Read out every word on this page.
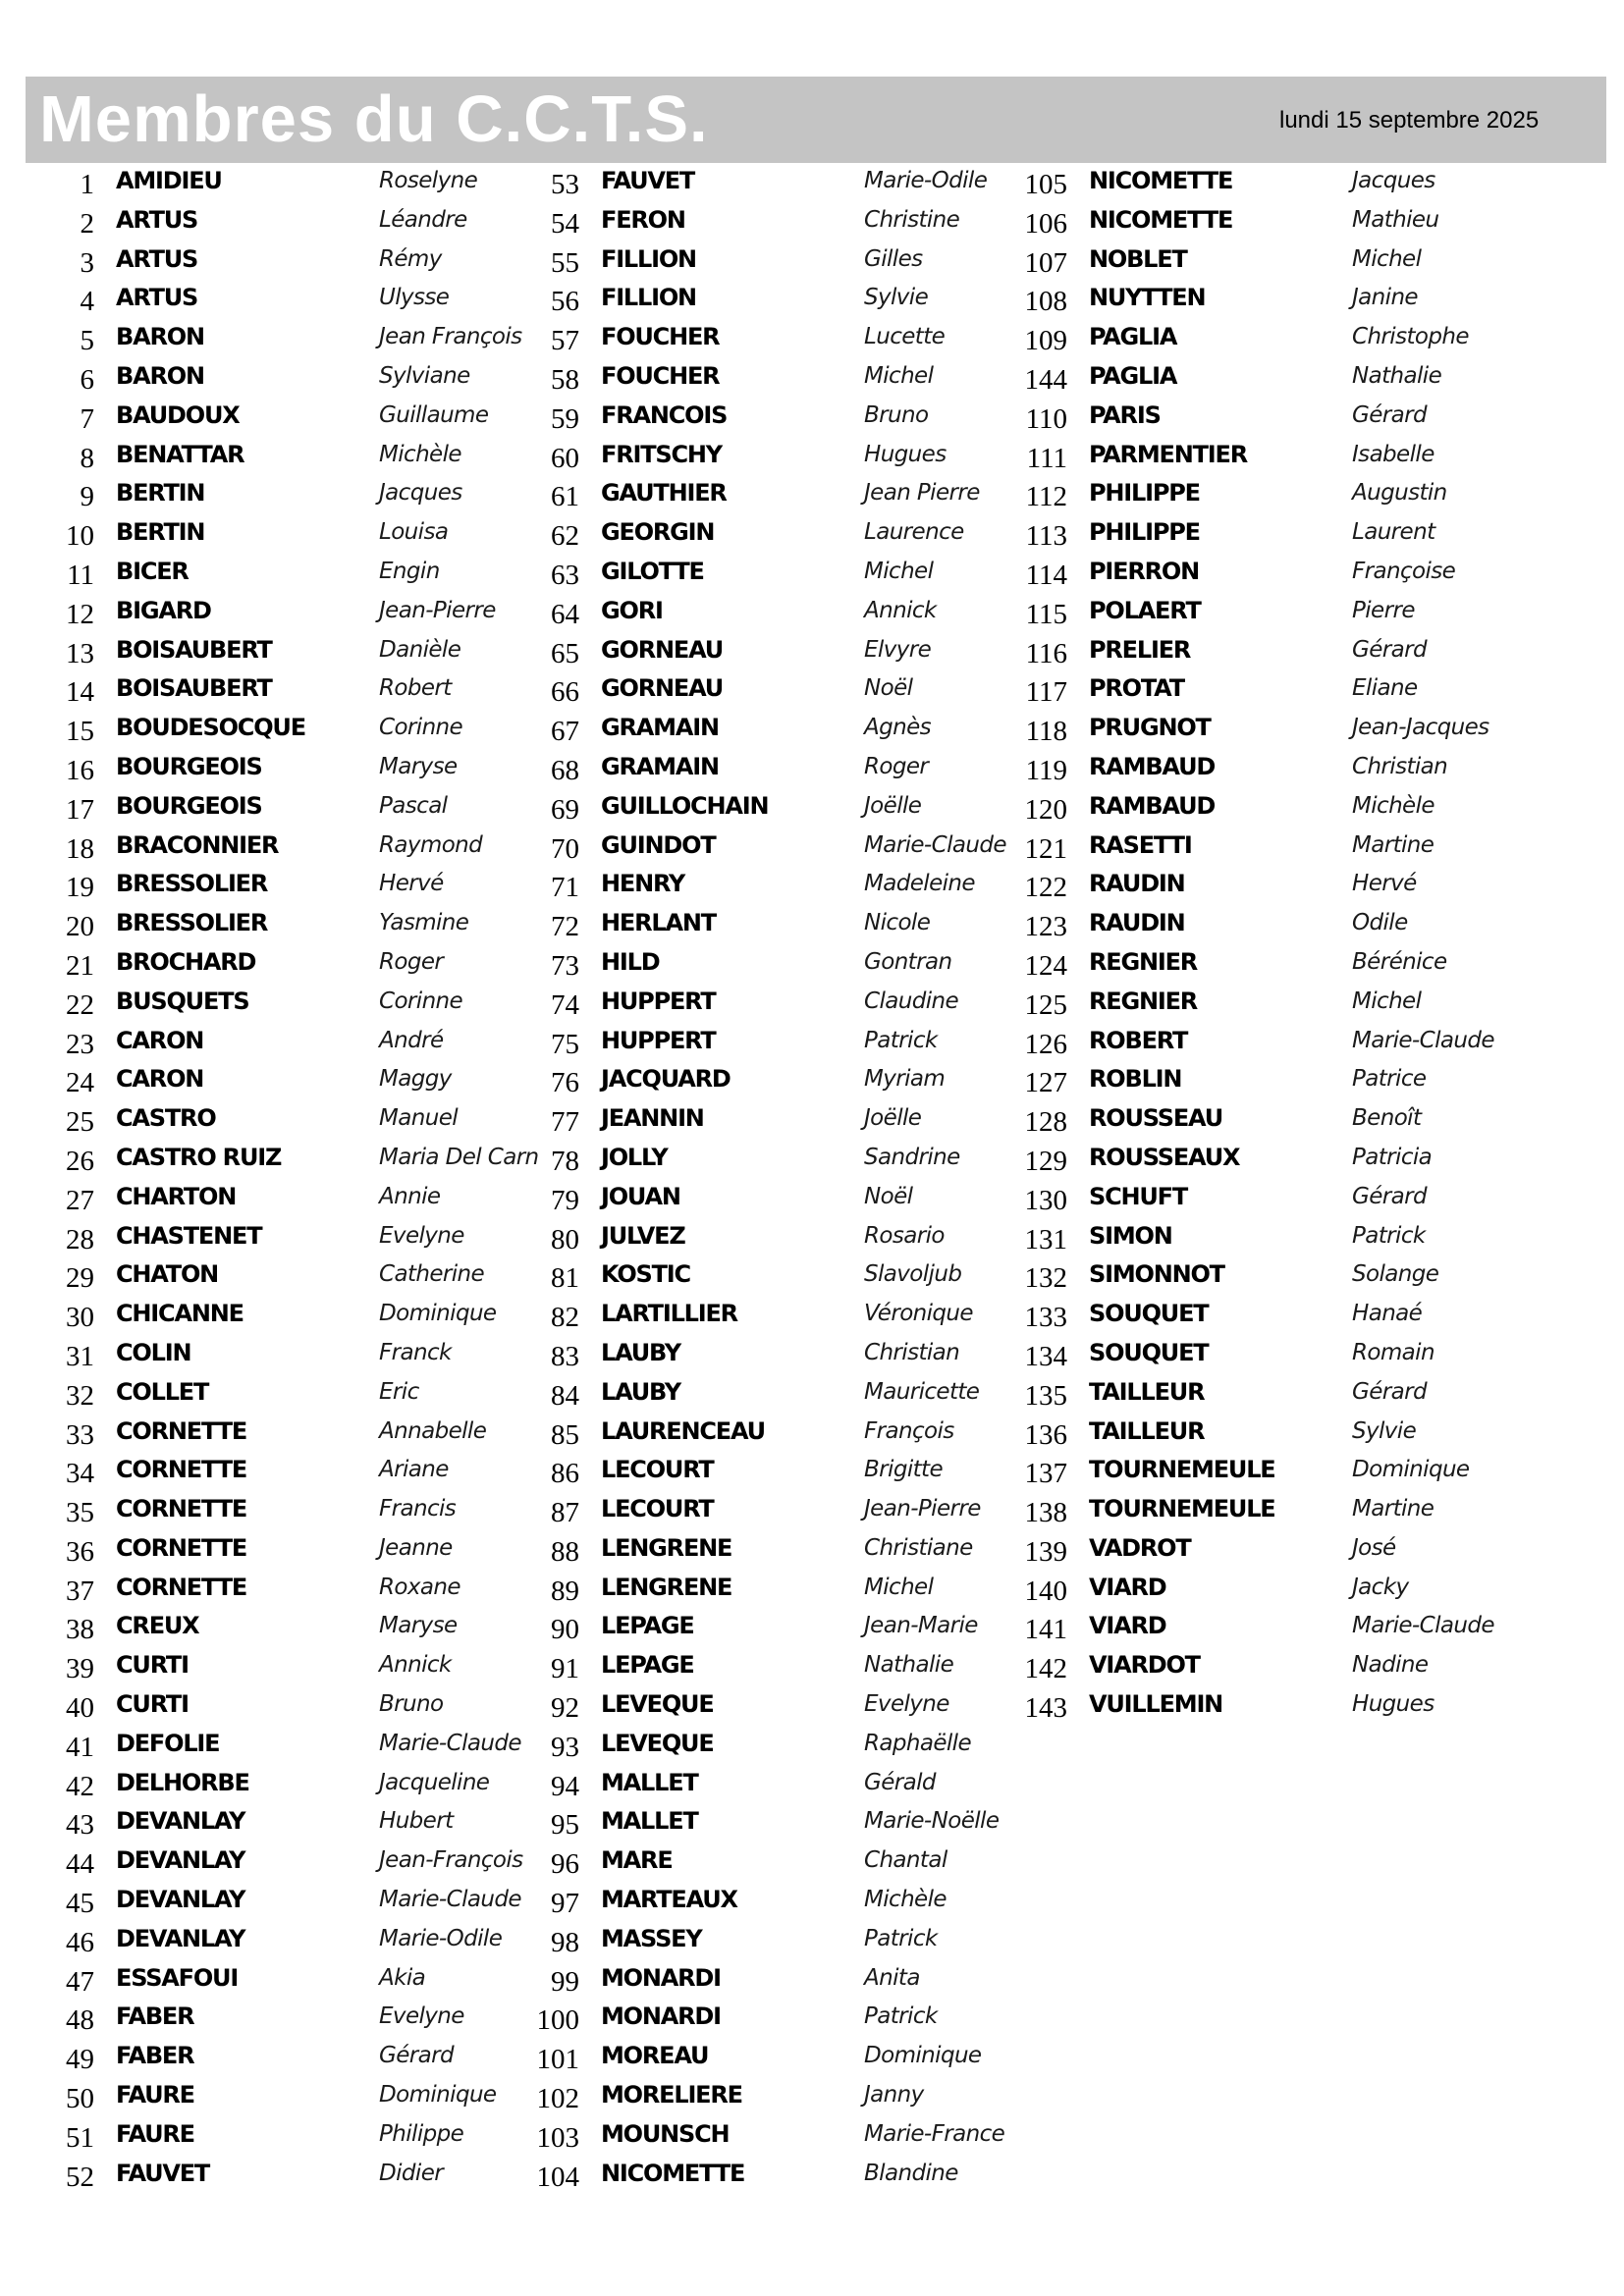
Membres du C.C.T.S.	lundi 15 septembre 2025
1 AMIDIEU	Roselyne
2 ARTUS	Léandre
3 ARTUS	Rémy
4 ARTUS	Ulysse
5 BARON	Jean François
6 BARON	Sylviane
7 BAUDOUX	Guillaume
8 BENATTAR	Michèle
9 BERTIN	Jacques
10 BERTIN	Louisa
11 BICER	Engin
12 BIGARD	Jean-Pierre
13 BOISAUBERT	Danièle
14 BOISAUBERT	Robert
15 BOUDESOCQUE	Corinne
16 BOURGEOIS	Maryse
17 BOURGEOIS	Pascal
18 BRACONNIER	Raymond
19 BRESSOLIER	Hervé
20 BRESSOLIER	Yasmine
21 BROCHARD	Roger
22 BUSQUETS	Corinne
23 CARON	André
24 CARON	Maggy
25 CASTRO	Manuel
26 CASTRO RUIZ	Maria Del Carn
27 CHARTON	Annie
28 CHASTENET	Evelyne
29 CHATON	Catherine
30 CHICANNE	Dominique
31 COLIN	Franck
32 COLLET	Eric
33 CORNETTE	Annabelle
34 CORNETTE	Ariane
35 CORNETTE	Francis
36 CORNETTE	Jeanne
37 CORNETTE	Roxane
38 CREUX	Maryse
39 CURTI	Annick
40 CURTI	Bruno
41 DEFOLIE	Marie-Claude
42 DELHORBE	Jacqueline
43 DEVANLAY	Hubert
44 DEVANLAY	Jean-François
45 DEVANLAY	Marie-Claude
46 DEVANLAY	Marie-Odile
47 ESSAFOUI	Akia
48 FABER	Evelyne
49 FABER	Gérard
50 FAURE	Dominique
51 FAURE	Philippe
52 FAUVET	Didier
53 FAUVET	Marie-Odile
54 FERON	Christine
55 FILLION	Gilles
56 FILLION	Sylvie
57 FOUCHER	Lucette
58 FOUCHER	Michel
59 FRANCOIS	Bruno
60 FRITSCHY	Hugues
61 GAUTHIER	Jean Pierre
62 GEORGIN	Laurence
63 GILOTTE	Michel
64 GORI	Annick
65 GORNEAU	Elvyre
66 GORNEAU	Noël
67 GRAMAIN	Agnès
68 GRAMAIN	Roger
69 GUILLOCHAIN	Joëlle
70 GUINDOT	Marie-Claude
71 HENRY	Madeleine
72 HERLANT	Nicole
73 HILD	Gontran
74 HUPPERT	Claudine
75 HUPPERT	Patrick
76 JACQUARD	Myriam
77 JEANNIN	Joëlle
78 JOLLY	Sandrine
79 JOUAN	Noël
80 JULVEZ	Rosario
81 KOSTIC	Slavoljub
82 LARTILLIER	Véronique
83 LAUBY	Christian
84 LAUBY	Mauricette
85 LAURENCEAU	François
86 LECOURT	Brigitte
87 LECOURT	Jean-Pierre
88 LENGRENE	Christiane
89 LENGRENE	Michel
90 LEPAGE	Jean-Marie
91 LEPAGE	Nathalie
92 LEVEQUE	Evelyne
93 LEVEQUE	Raphaëlle
94 MALLET	Gérald
95 MALLET	Marie-Noëlle
96 MARE	Chantal
97 MARTEAUX	Michèle
98 MASSEY	Patrick
99 MONARDI	Anita
100 MONARDI	Patrick
101 MOREAU	Dominique
102 MORELIERE	Janny
103 MOUNSCH	Marie-France
104 NICOMETTE	Blandine
105 NICOMETTE	Jacques
106 NICOMETTE	Mathieu
107 NOBLET	Michel
108 NUYTTEN	Janine
109 PAGLIA	Christophe
144 PAGLIA	Nathalie
110 PARIS	Gérard
111 PARMENTIER	Isabelle
112 PHILIPPE	Augustin
113 PHILIPPE	Laurent
114 PIERRON	Françoise
115 POLAERT	Pierre
116 PRELIER	Gérard
117 PROTAT	Eliane
118 PRUGNOT	Jean-Jacques
119 RAMBAUD	Christian
120 RAMBAUD	Michèle
121 RASETTI	Martine
122 RAUDIN	Hervé
123 RAUDIN	Odile
124 REGNIER	Bérénice
125 REGNIER	Michel
126 ROBERT	Marie-Claude
127 ROBLIN	Patrice
128 ROUSSEAU	Benoît
129 ROUSSEAUX	Patricia
130 SCHUFT	Gérard
131 SIMON	Patrick
132 SIMONNOT	Solange
133 SOUQUET	Hanaé
134 SOUQUET	Romain
135 TAILLEUR	Gérard
136 TAILLEUR	Sylvie
137 TOURNEMEULE	Dominique
138 TOURNEMEULE	Martine
139 VADROT	José
140 VIARD	Jacky
141 VIARD	Marie-Claude
142 VIARDOT	Nadine
143 VUILLEMIN	Hugues
